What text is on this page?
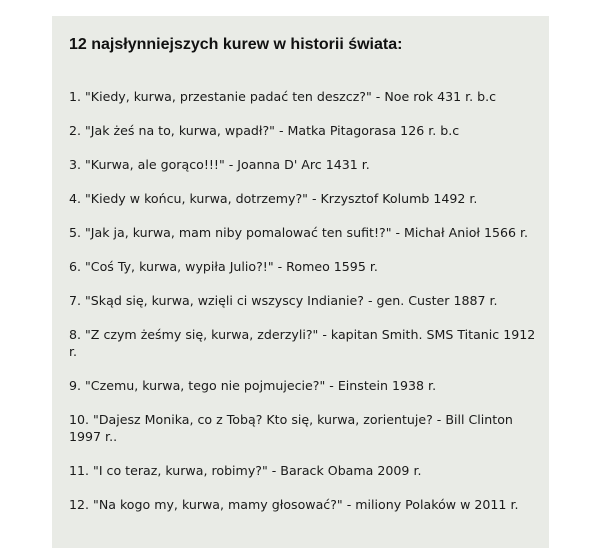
12 najsłynniejszych kurew w historii świata:
1. "Kiedy, kurwa, przestanie padać ten deszcz?" - Noe rok 431 r. b.c
2. "Jak żeś na to, kurwa, wpadł?" - Matka Pitagorasa 126 r. b.c
3. "Kurwa, ale gorąco!!!" - Joanna D' Arc 1431 r.
4. "Kiedy w końcu, kurwa, dotrzemy?" - Krzysztof Kolumb 1492 r.
5. "Jak ja, kurwa, mam niby pomalować ten sufit!?" - Michał Anioł 1566 r.
6. "Coś Ty, kurwa, wypiła Julio?!" - Romeo 1595 r.
7. "Skąd się, kurwa, wzięli ci wszyscy Indianie? - gen. Custer 1887 r.
8. "Z czym żeśmy się, kurwa, zderzyli?" - kapitan Smith. SMS Titanic 1912 r.
9. "Czemu, kurwa, tego nie pojmujecie?" - Einstein 1938 r.
10. "Dajesz Monika, co z Tobą? Kto się, kurwa, zorientuje? - Bill Clinton 1997 r..
11. "I co teraz, kurwa, robimy?" - Barack Obama 2009 r.
12. "Na kogo my, kurwa, mamy głosować?" - miliony Polaków w 2011 r.
